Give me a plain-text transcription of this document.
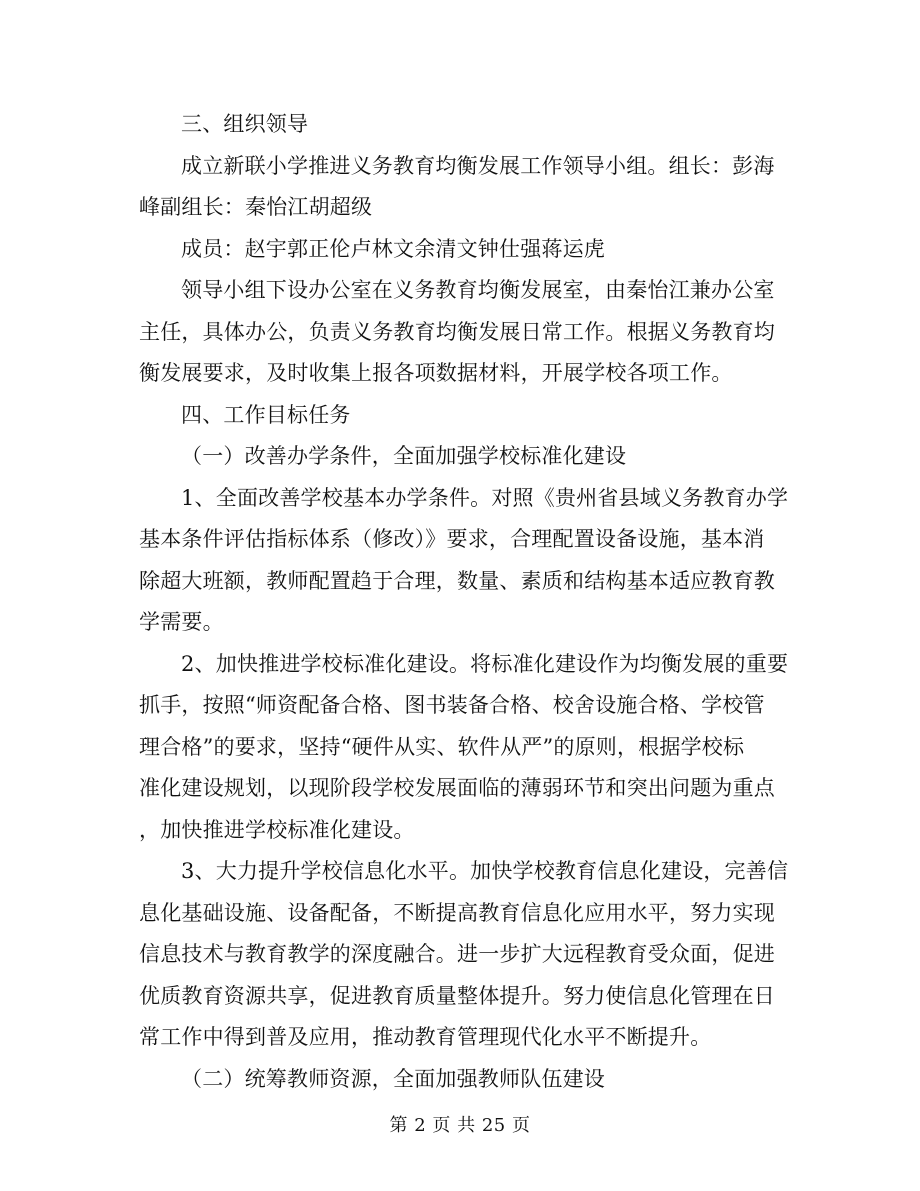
三、组织领导
成立新联小学推进义务教育均衡发展工作领导小组。组长：彭海
峰副组长：秦怡江胡超级
成员：赵宇郭正伦卢林文余清文钟仕强蒋运虎
领导小组下设办公室在义务教育均衡发展室，由秦怡江兼办公室
主任，具体办公，负责义务教育均衡发展日常工作。根据义务教育均
衡发展要求，及时收集上报各项数据材料，开展学校各项工作。
四、工作目标任务
（一）改善办学条件，全面加强学校标准化建设
1、全面改善学校基本办学条件。对照《贵州省县域义务教育办学
基本条件评估指标体系（修改）》要求，合理配置设备设施，基本消
除超大班额，教师配置趋于合理，数量、素质和结构基本适应教育教
学需要。
2、加快推进学校标准化建设。将标准化建设作为均衡发展的重要
抓手，按照“师资配备合格、图书装备合格、校舍设施合格、学校管
理合格”的要求，坚持“硬件从实、软件从严”的原则，根据学校标
准化建设规划，以现阶段学校发展面临的薄弱环节和突出问题为重点
，加快推进学校标准化建设。
3、大力提升学校信息化水平。加快学校教育信息化建设，完善信
息化基础设施、设备配备，不断提高教育信息化应用水平，努力实现
信息技术与教育教学的深度融合。进一步扩大远程教育受众面，促进
优质教育资源共享，促进教育质量整体提升。努力使信息化管理在日
常工作中得到普及应用，推动教育管理现代化水平不断提升。
（二）统筹教师资源，全面加强教师队伍建设
第 2 页 共 25 页
